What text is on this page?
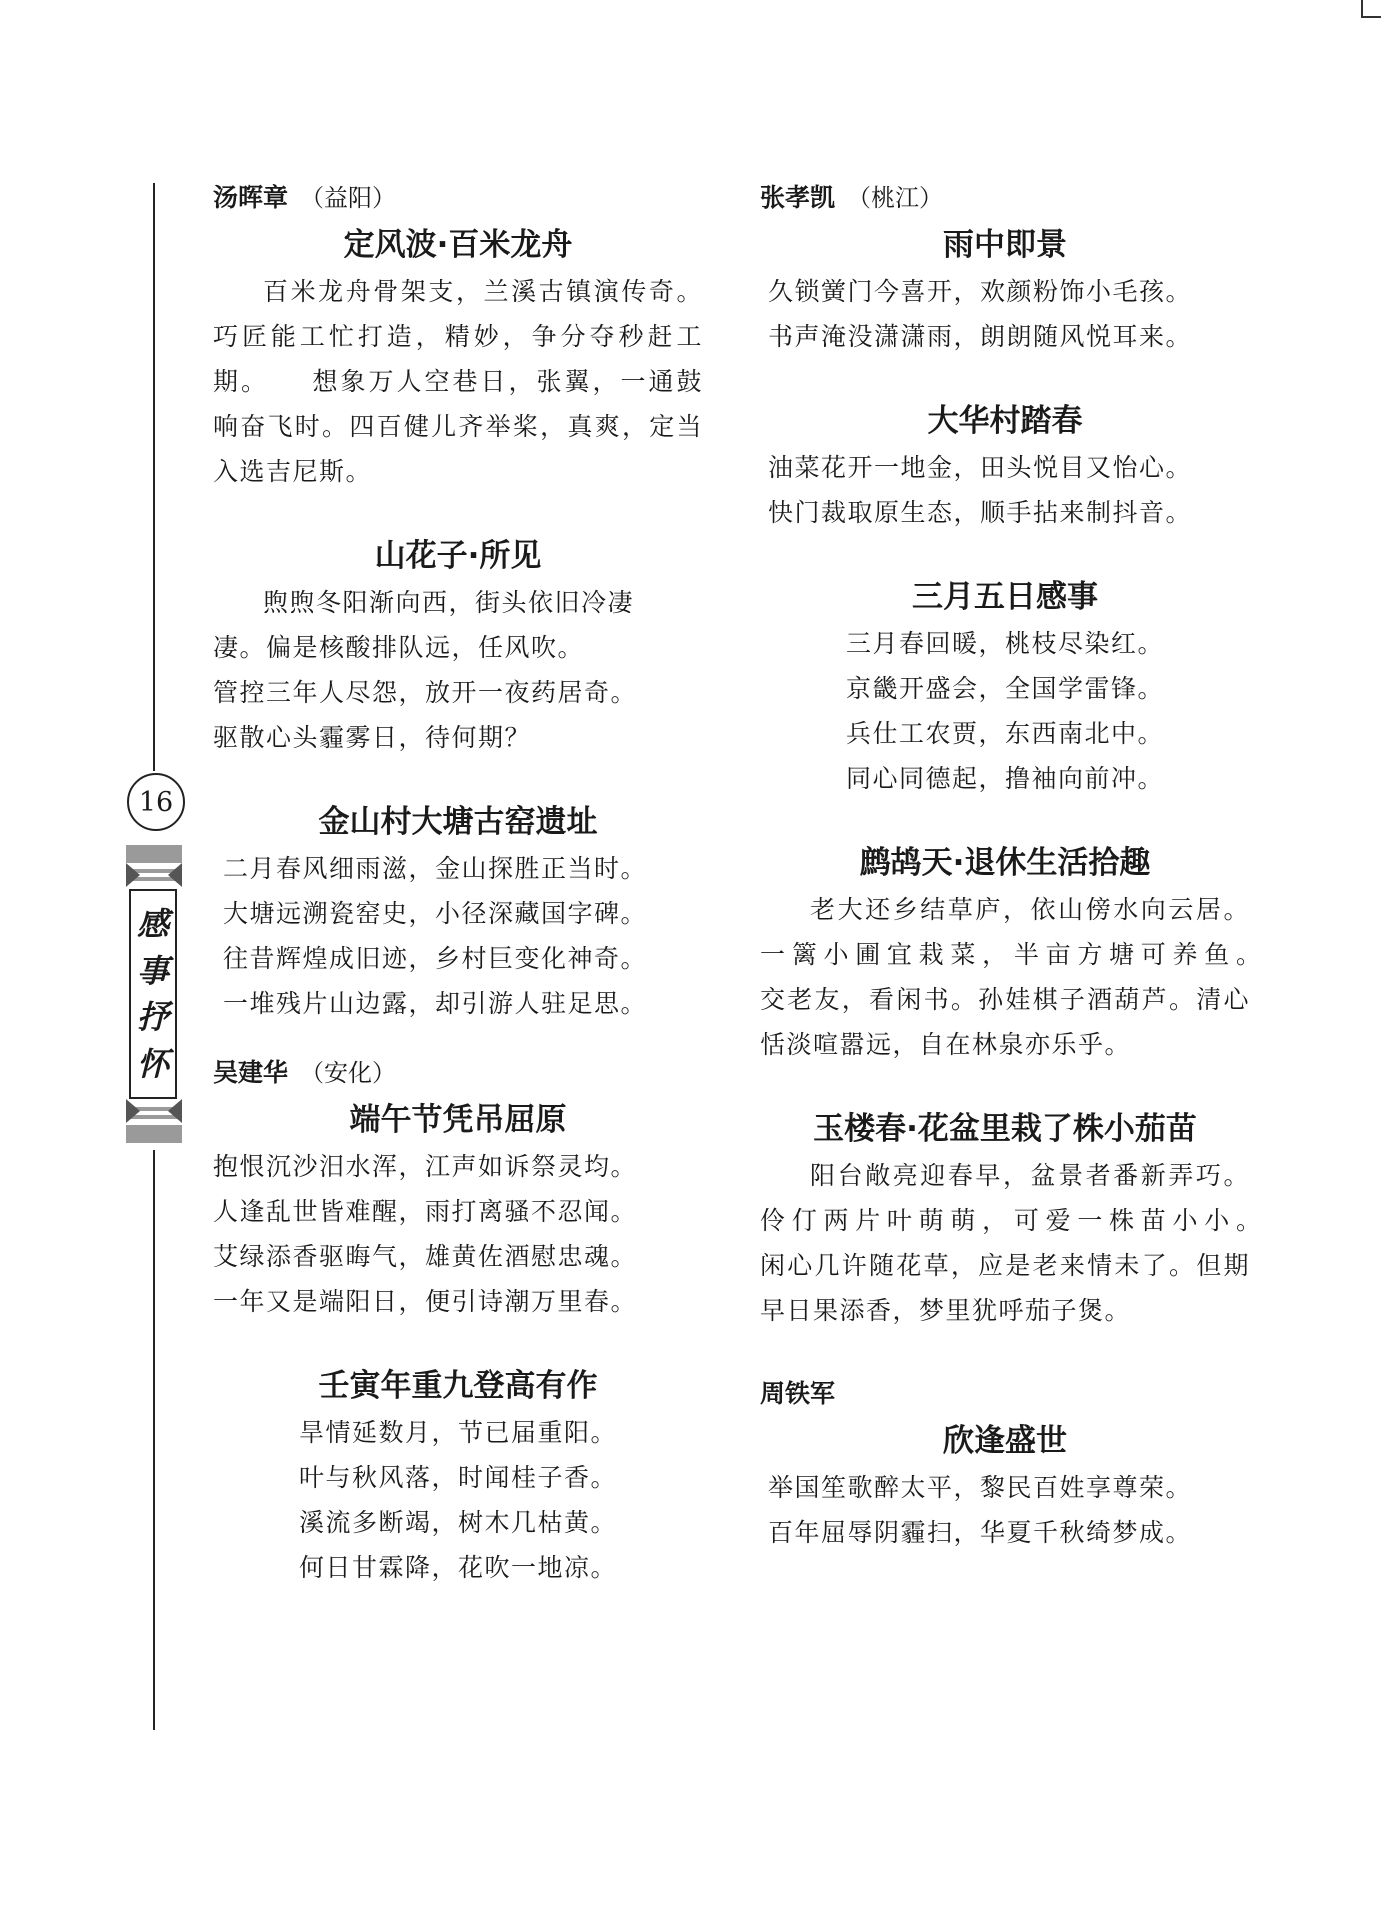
16
感
事
抒
怀
汤晖章 （益阳）
定风波·百米龙舟

百米龙舟骨架支，兰溪古镇演传奇。巧匠能工忙打造，精妙，争分夺秒赶工期。　　想象万人空巷日，张翼，一通鼓响奋飞时。四百健儿齐举桨，真爽，定当入选吉尼斯。

山花子·所见
煦煦冬阳渐向西，街头依旧冷凄
凄。偏是核酸排队远，任风吹。
管控三年人尽怨，放开一夜药居奇。
驱散心头霾雾日，待何期？
金山村大塘古窑遗址
二月春风细雨滋，金山探胜正当时。
大塘远溯瓷窑史，小径深藏国字碑。
往昔辉煌成旧迹，乡村巨变化神奇。
一堆残片山边露，却引游人驻足思。
吴建华 （安化）
端午节凭吊屈原
抱恨沉沙汨水浑，江声如诉祭灵均。
人逢乱世皆难醒，雨打离骚不忍闻。
艾绿添香驱晦气，雄黄佐酒慰忠魂。
一年又是端阳日，便引诗潮万里春。
壬寅年重九登高有作
旱情延数月，节已届重阳。
叶与秋风落，时闻桂子香。
溪流多断竭，树木几枯黄。
何日甘霖降，花吹一地凉。
张孝凯 （桃江）
雨中即景
久锁黉门今喜开，欢颜粉饰小毛孩。
书声淹没潇潇雨，朗朗随风悦耳来。
大华村踏春
油菜花开一地金，田头悦目又怡心。
快门裁取原生态，顺手拈来制抖音。
三月五日感事
三月春回暖，桃枝尽染红。
京畿开盛会，全国学雷锋。
兵仕工农贾，东西南北中。
同心同德起，撸袖向前冲。
鹧鸪天·退休生活拾趣

老大还乡结草庐，依山傍水向云居。一篱小圃宜栽菜，半亩方塘可养鱼。　　交老友，看闲书。孙娃棋子酒葫芦。清心恬淡喧嚣远，自在林泉亦乐乎。

玉楼春·花盆里栽了株小茄苗

阳台敞亮迎春早，盆景者番新弄巧。伶仃两片叶萌萌，可爱一株苗小小。　　闲心几许随花草，应是老来情未了。但期早日果添香，梦里犹呼茄子煲。

周铁军
欣逢盛世
举国笙歌醉太平，黎民百姓享尊荣。
百年屈辱阴霾扫，华夏千秋绮梦成。
